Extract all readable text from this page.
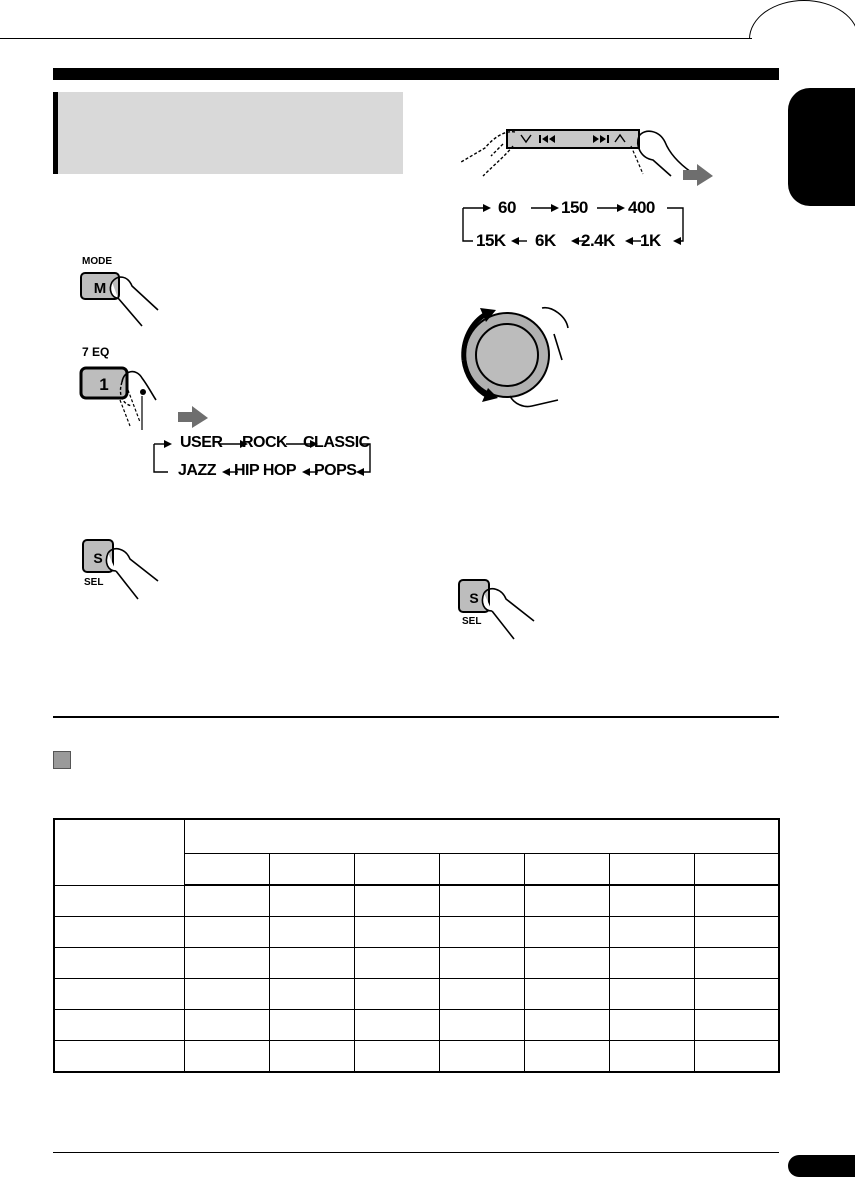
MODE
M
7 EQ
1
USER ROCK CLASSIC
JAZZ HIP HOP POPS
S
SEL
60	150 400
15K 6K 2.4K 1K
S
SEL
